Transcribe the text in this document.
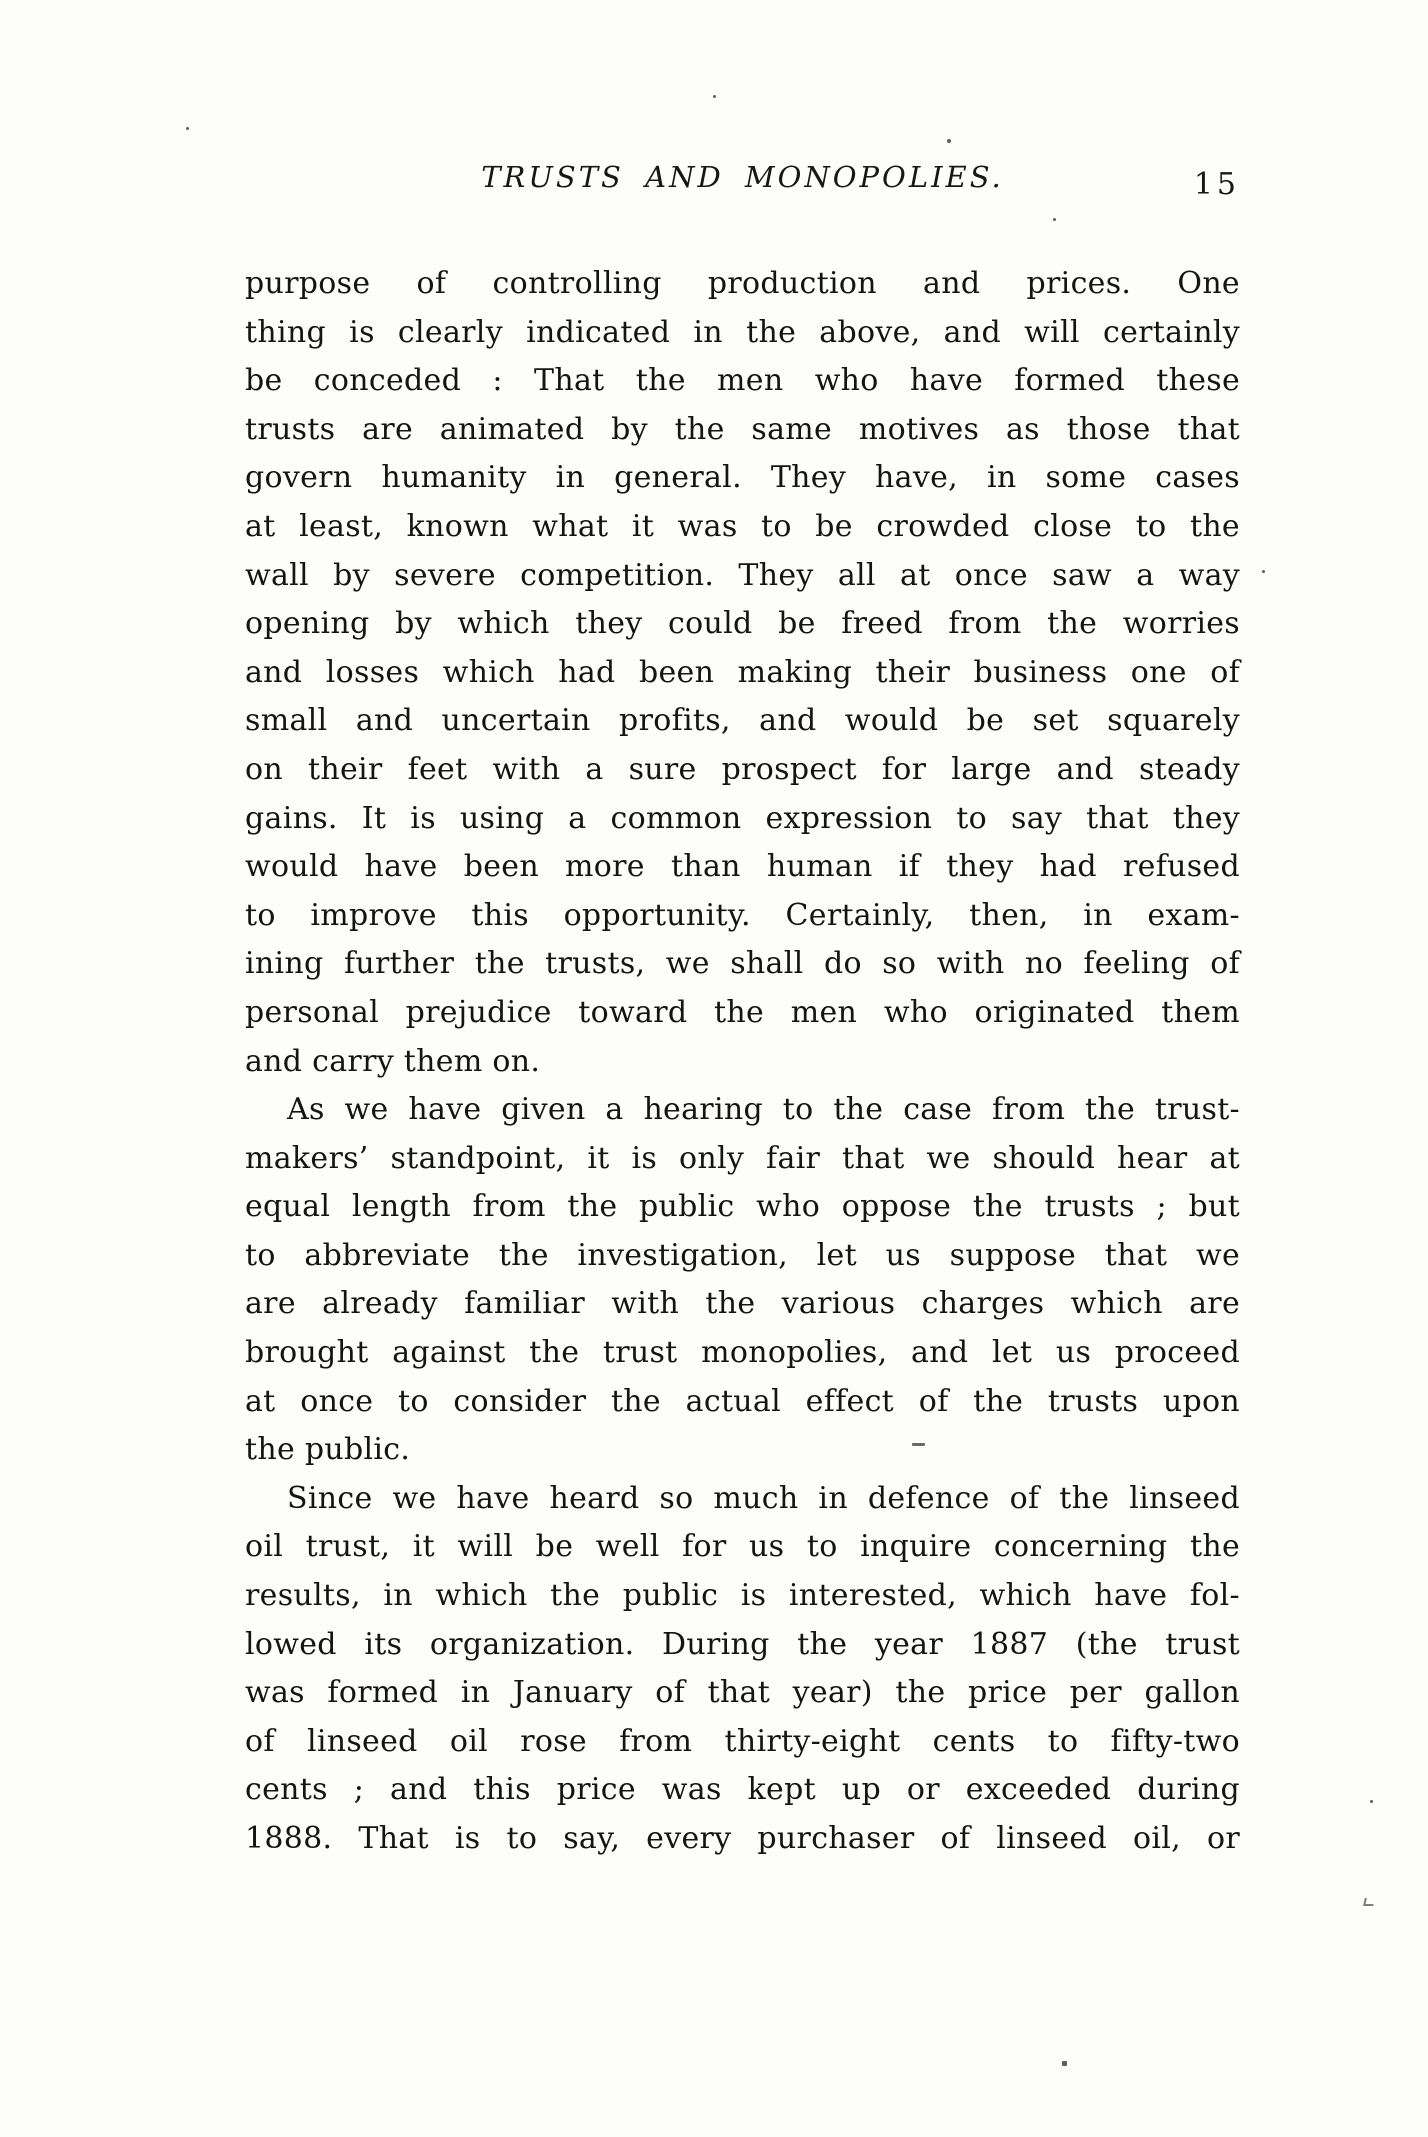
TRUSTS AND MONOPOLIES.	15
purpose of controlling production and prices. One
thing is clearly indicated in the above, and will certainly
be conceded : That the men who have formed these
trusts are animated by the same motives as those that
govern humanity in general. They have, in some cases
at least, known what it was to be crowded close to the
wall by severe competition. They all at once saw a way
opening by which they could be freed from the worries
and losses which had been making their business one of
small and uncertain profits, and would be set squarely
on their feet with a sure prospect for large and steady
gains. It is using a common expression to say that they
would have been more than human if they had refused
to improve this opportunity. Certainly, then, in exam-
ining further the trusts, we shall do so with no feeling of
personal prejudice toward the men who originated them
and carry them on.
As we have given a hearing to the case from the trust-
makers’ standpoint, it is only fair that we should hear at
equal length from the public who oppose the trusts ; but
to abbreviate the investigation, let us suppose that we
are already familiar with the various charges which are
brought against the trust monopolies, and let us proceed
at once to consider the actual effect of the trusts upon
the public.
Since we have heard so much in defence of the linseed
oil trust, it will be well for us to inquire concerning the
results, in which the public is interested, which have fol-
lowed its organization. During the year 1887 (the trust
was formed in January of that year) the price per gallon
of linseed oil rose from thirty-eight cents to fifty-two
cents ; and this price was kept up or exceeded during
1888. That is to say, every purchaser of linseed oil, or
